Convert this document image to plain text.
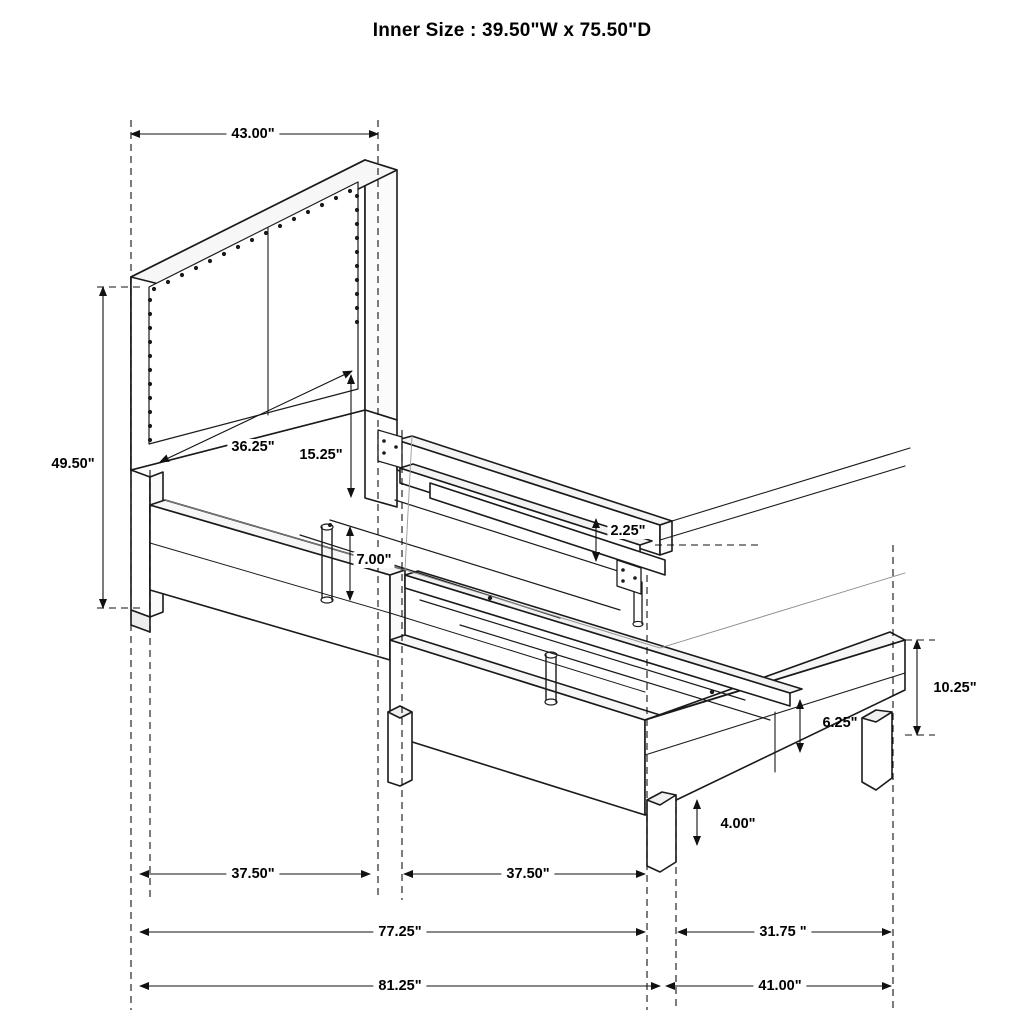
Inner Size : 39.50"W x 75.50"D
43.00"
49.50"
36.25" 15.25"
7.00"
2.25"
10.25"
6.25"
4.00"
37.50"	37.50"
77.25"	31.75 "
81.25"	41.00"
